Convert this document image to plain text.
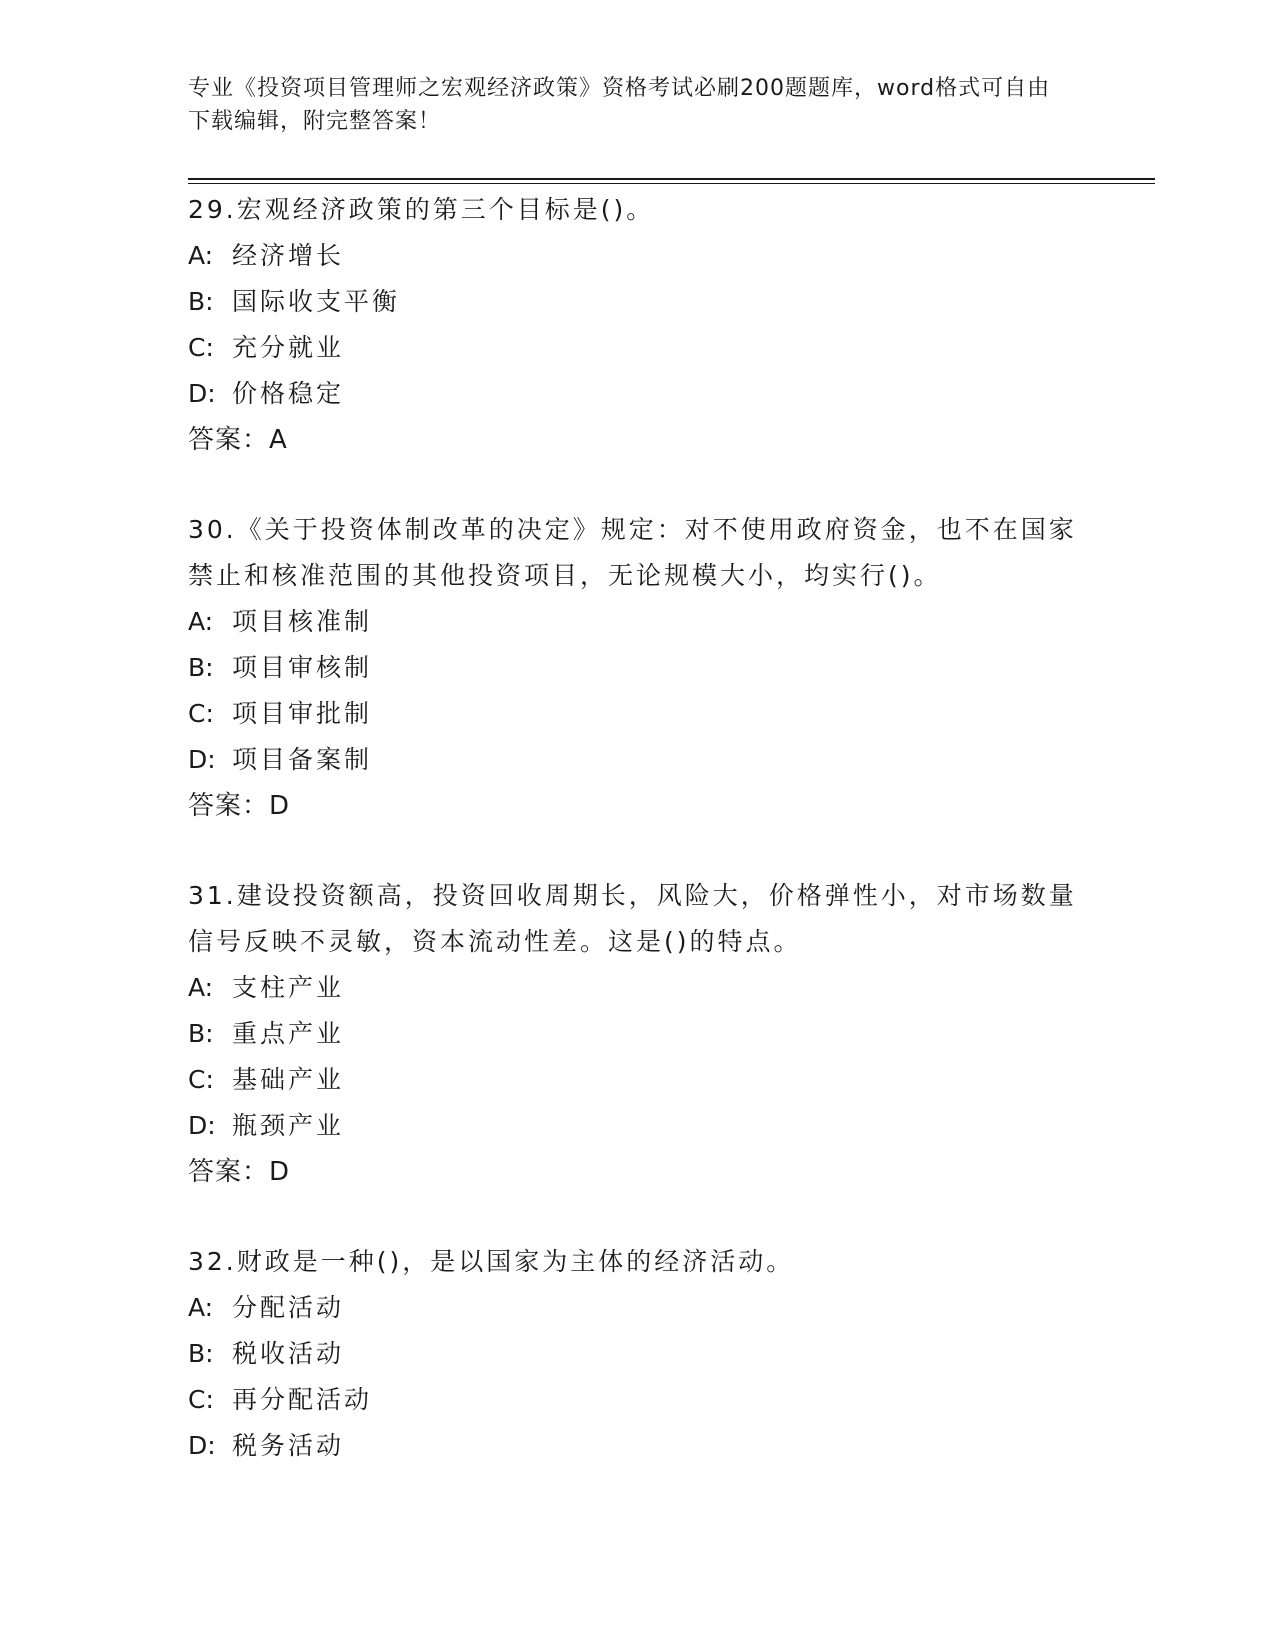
专业《投资项目管理师之宏观经济政策》资格考试必刷200题题库，word格式可自由下载编辑，附完整答案！
29.宏观经济政策的第三个目标是()。
A: 经济增长
B: 国际收支平衡
C: 充分就业
D: 价格稳定
答案：A
30.《关于投资体制改革的决定》规定：对不使用政府资金，也不在国家禁止和核准范围的其他投资项目，无论规模大小，均实行()。
A: 项目核准制
B: 项目审核制
C: 项目审批制
D: 项目备案制
答案：D
31.建设投资额高，投资回收周期长，风险大，价格弹性小，对市场数量信号反映不灵敏，资本流动性差。这是()的特点。
A: 支柱产业
B: 重点产业
C: 基础产业
D: 瓶颈产业
答案：D
32.财政是一种()，是以国家为主体的经济活动。
A: 分配活动
B: 税收活动
C: 再分配活动
D: 税务活动
